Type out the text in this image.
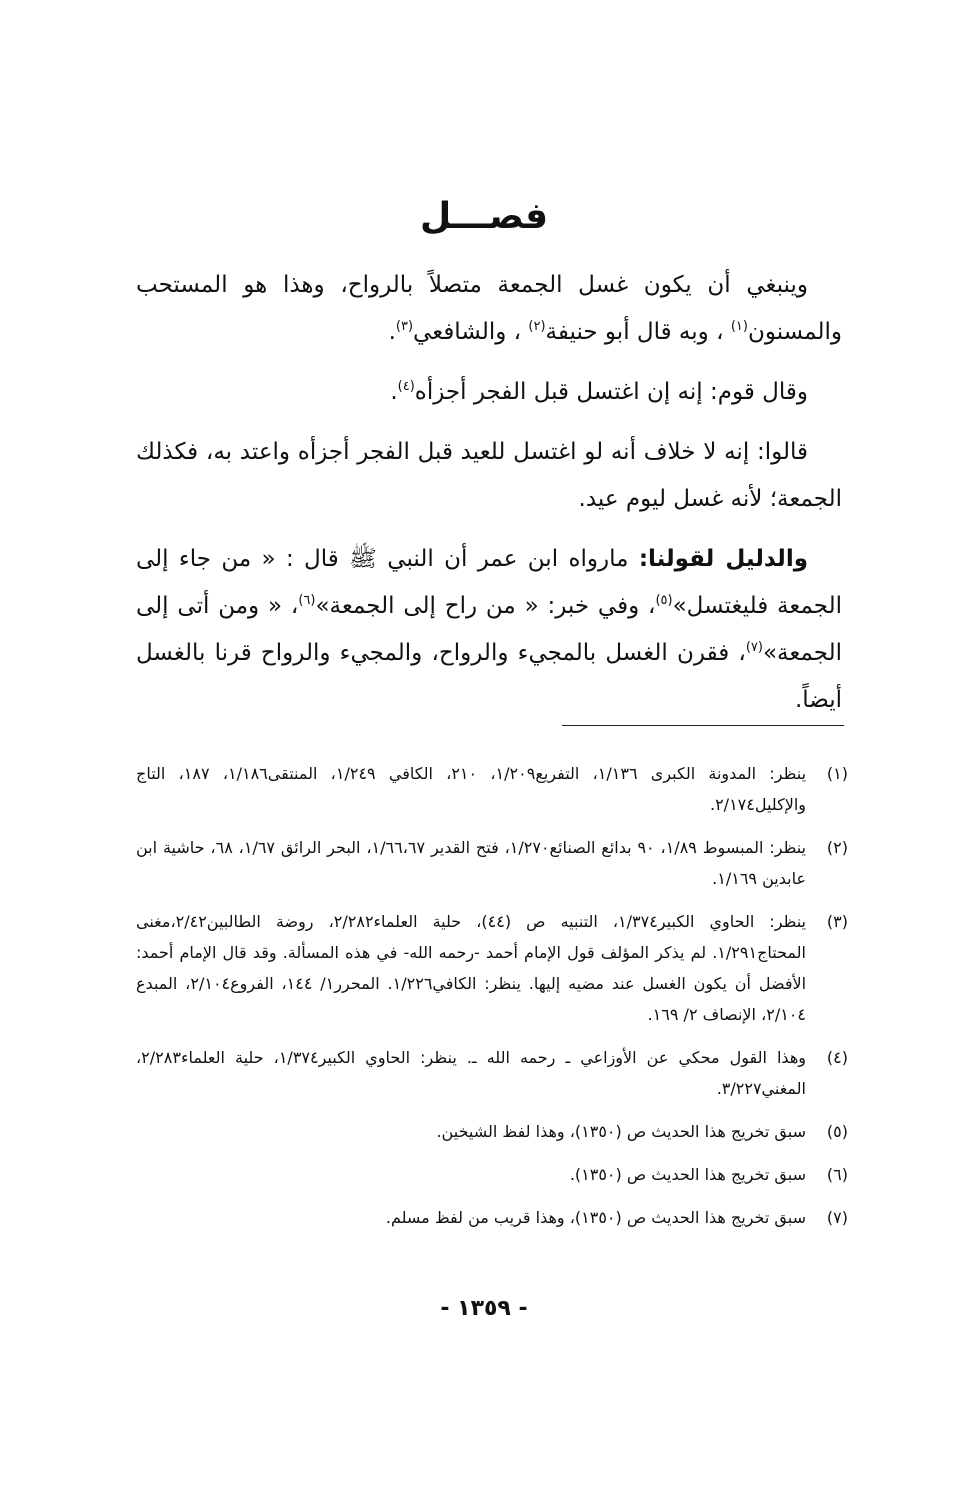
فصـــل

وينبغي أن يكون غسل الجمعة متصلاً بالرواح، وهذا هو المستحب والمسنون$^{(١)}$ ، وبه قال أبو حنيفة$^{(٢)}$ ، والشافعي$^{(٣)}$.

وقال قوم: إنه إن اغتسل قبل الفجر أجزأه$^{(٤)}$.

قالوا: إنه لا خلاف أنه لو اغتسل للعيد قبل الفجر أجزأه واعتد به، فكذلك الجمعة؛ لأنه غسل ليوم عيد.

والدليل لقولنا: ماروا‌ه ابن عمر أن النبي ﷺ قال : « من جاء إلى الجمعة فليغتسل»$^{(٥)}$، وفي خبر: « من راح إلى الجمعة»$^{(٦)}$، « ومن أتى إلى الجمعة»$^{(٧)}$، فقرن الغسل بالمجيء والرواح، والمجيء والرواح قرنا بالغسل أيضاً.

(١)
ينظر: المدونة الكبرى ١/١٣٦، التفريع١/٢٠٩، ٢١٠، الكافي ١/٢٤٩، المنتقى١/١٨٦، ١٨٧، التاج والإكليل٢/١٧٤.
(٢)
ينظر: المبسوط ١/٨٩، ٩٠ بدائع الصنائع١/٢٧٠، فتح القدير ١/٦٦،٦٧، البحر الرائق ١/٦٧، ٦٨، حاشية ابن عابدين ١/١٦٩.
(٣)
ينظر: الحاوي الكبير١/٣٧٤، التنبيه ص (٤٤)، حلية العلماء٢/٢٨٢، روضة الطالبين٢/٤٢،مغنى المحتاج١/٢٩١. لم يذكر المؤلف قول الإمام أحمد -رحمه الله- في هذه المسألة. وقد قال الإمام أحمد: الأفضل أن يكون الغسل عند مضيه إليها. ينظر: الكافي١/٢٢٦. المحرر١/ ١٤٤، الفروع٢/١٠٤، المبدع ٢/١٠٤، الإنصاف ٢/ ١٦٩.
(٤)
وهذا القول محكي عن الأوزاعي ـ رحمه الله ـ. ينظر: الحاوي الكبير١/٣٧٤، حلية العلماء٢/٢٨٣، المغني٣/٢٢٧.
(٥)
سبق تخريج هذا الحديث ص (١٣٥٠)، وهذا لفظ الشيخين.
(٦)
سبق تخريج هذا الحديث ص (١٣٥٠).
(٧)
سبق تخريج هذا الحديث ص (١٣٥٠)، وهذا قريب من لفظ مسلم.
- ١٣٥٩ -
